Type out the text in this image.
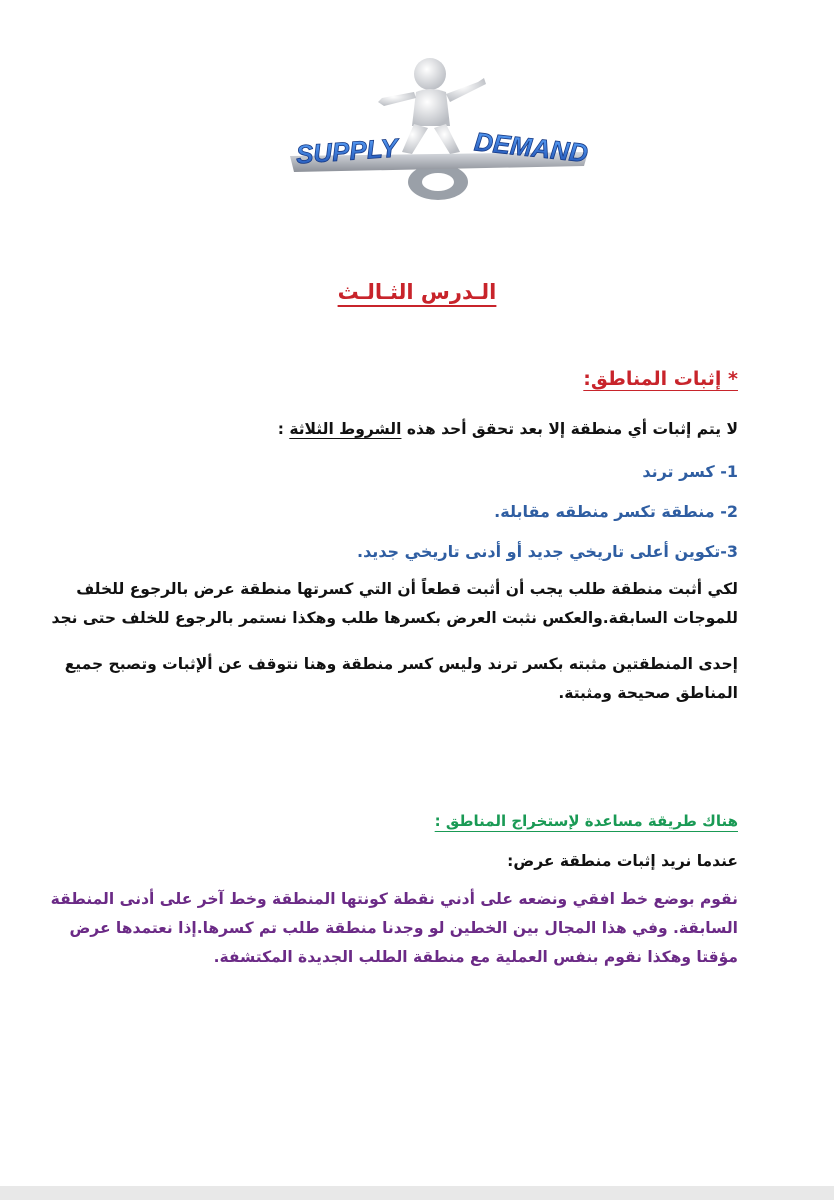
SUPPLY	DEMAND
الـدرس الثـالـث
* إثبات المناطق:
لا يتم إثبات أي منطقة إلا بعد تحقق أحد هذه الشروط الثلاثة :
1- كسر ترند
2- منطقة تكسر منطقه مقابلة.
3-تكوين أعلى تاريخي جديد أو أدنى تاريخي جديد.
لكي أثبت منطقة طلب يجب أن أثبت قطعاً أن التي كسرتها منطقة عرض بالرجوع للخلف
للموجات السابقة.والعكس نثبت العرض بكسرها طلب وهكذا نستمر بالرجوع للخلف حتى نجد
إحدى المنطقتين مثبته بكسر ترند وليس كسر منطقة وهنا نتوقف عن ألإثبات وتصبح جميع
المناطق صحيحة ومثبتة.
هناك طريقة مساعدة لإستخراج المناطق :
عندما نريد إثبات منطقة عرض:
نقوم بوضع خط افقي ونضعه على أدني نقطة كونتها المنطقة وخط آخر على أدنى المنطقة
السابقة. وفي هذا المجال بين الخطين لو وجدنا منطقة طلب تم كسرها.إذا نعتمدها عرض
مؤقتا وهكذا نقوم بنفس العملية مع منطقة الطلب الجديدة المكتشفة.
